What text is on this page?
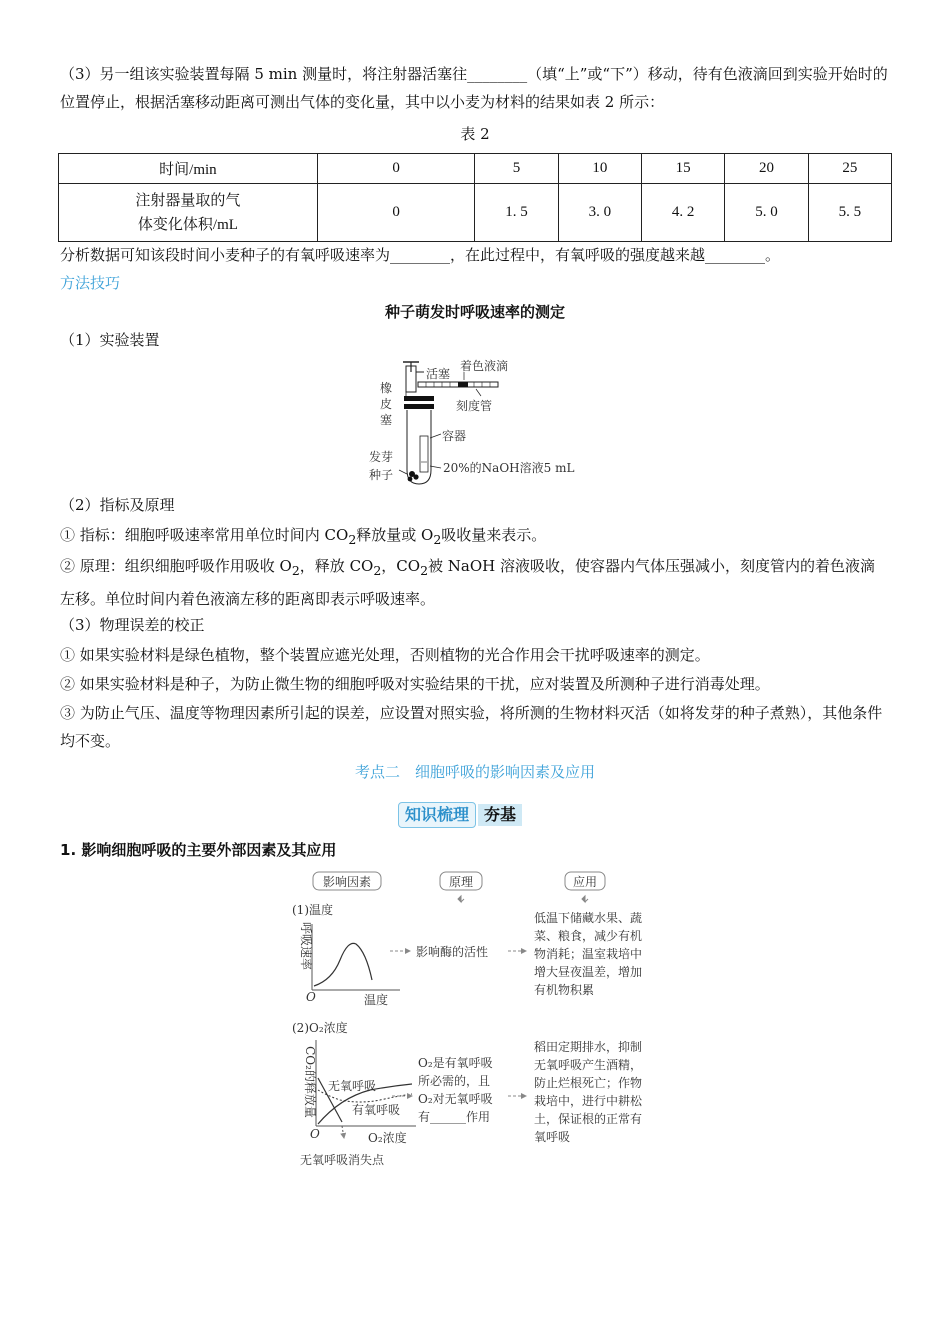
（3）另一组该实验装置每隔 5 min 测量时，将注射器活塞往________（填“上”或“下”）移动，待有色液滴回到实验开始时的位置停止，根据活塞移动距离可测出气体的变化量，其中以小麦为材料的结果如表 2 所示：

表 2
时间/min	0	5	10	15	20	25

注射器量取的气
体变化体积/mL	0	1. 5	3. 0	4. 2	5. 0	5. 5

分析数据可知该段时间小麦种子的有氧呼吸速率为________，在此过程中，有氧呼吸的强度越来越________。

方法技巧
种子萌发时呼吸速率的测定
（1）实验装置
活塞
着色液滴
橡
皮
塞
刻度管
容器
发芽
种子	20%的NaOH溶液5 mL
（2）指标及原理

① 指标：细胞呼吸速率常用单位时间内 $CO_2$释放量或 $O_2$吸收量来表示。

② 原理：组织细胞呼吸作用吸收 $O_2$，释放 $CO_2$，$CO_2$被 NaOH 溶液吸收，使容器内气体压强减小，刻度管内的着色液滴左移。单位时间内着色液滴左移的距离即表示呼吸速率。

（3）物理误差的校正

① 如果实验材料是绿色植物，整个装置应遮光处理，否则植物的光合作用会干扰呼吸速率的测定。

② 如果实验材料是种子，为防止微生物的细胞呼吸对实验结果的干扰，应对装置及所测种子进行消毒处理。

③ 为防止气压、温度等物理因素所引起的误差，应设置对照实验，将所测的生物材料灭活（如将发芽的种子煮熟），其他条件均不变。

考点二　细胞呼吸的影响因素及应用
知识梳理 夯基
1. 影响细胞呼吸的主要外部因素及其应用
影响因素	原理	应用
(1)温度
呼吸速率
O	温度
影响酶的活性
低温下储藏水果、蔬
菜、粮食，减少有机
物消耗；温室栽培中
增大昼夜温差，增加
有机物积累
(2)O₂浓度
CO₂的释放量 无氧呼吸
有氧呼吸
O	O₂浓度
无氧呼吸消失点
O₂是有氧呼吸
所必需的，且
O₂对无氧呼吸
有______作用
稻田定期排水，抑制
无氧呼吸产生酒精，
防止烂根死亡；作物
栽培中，进行中耕松
土，保证根的正常有
氧呼吸
